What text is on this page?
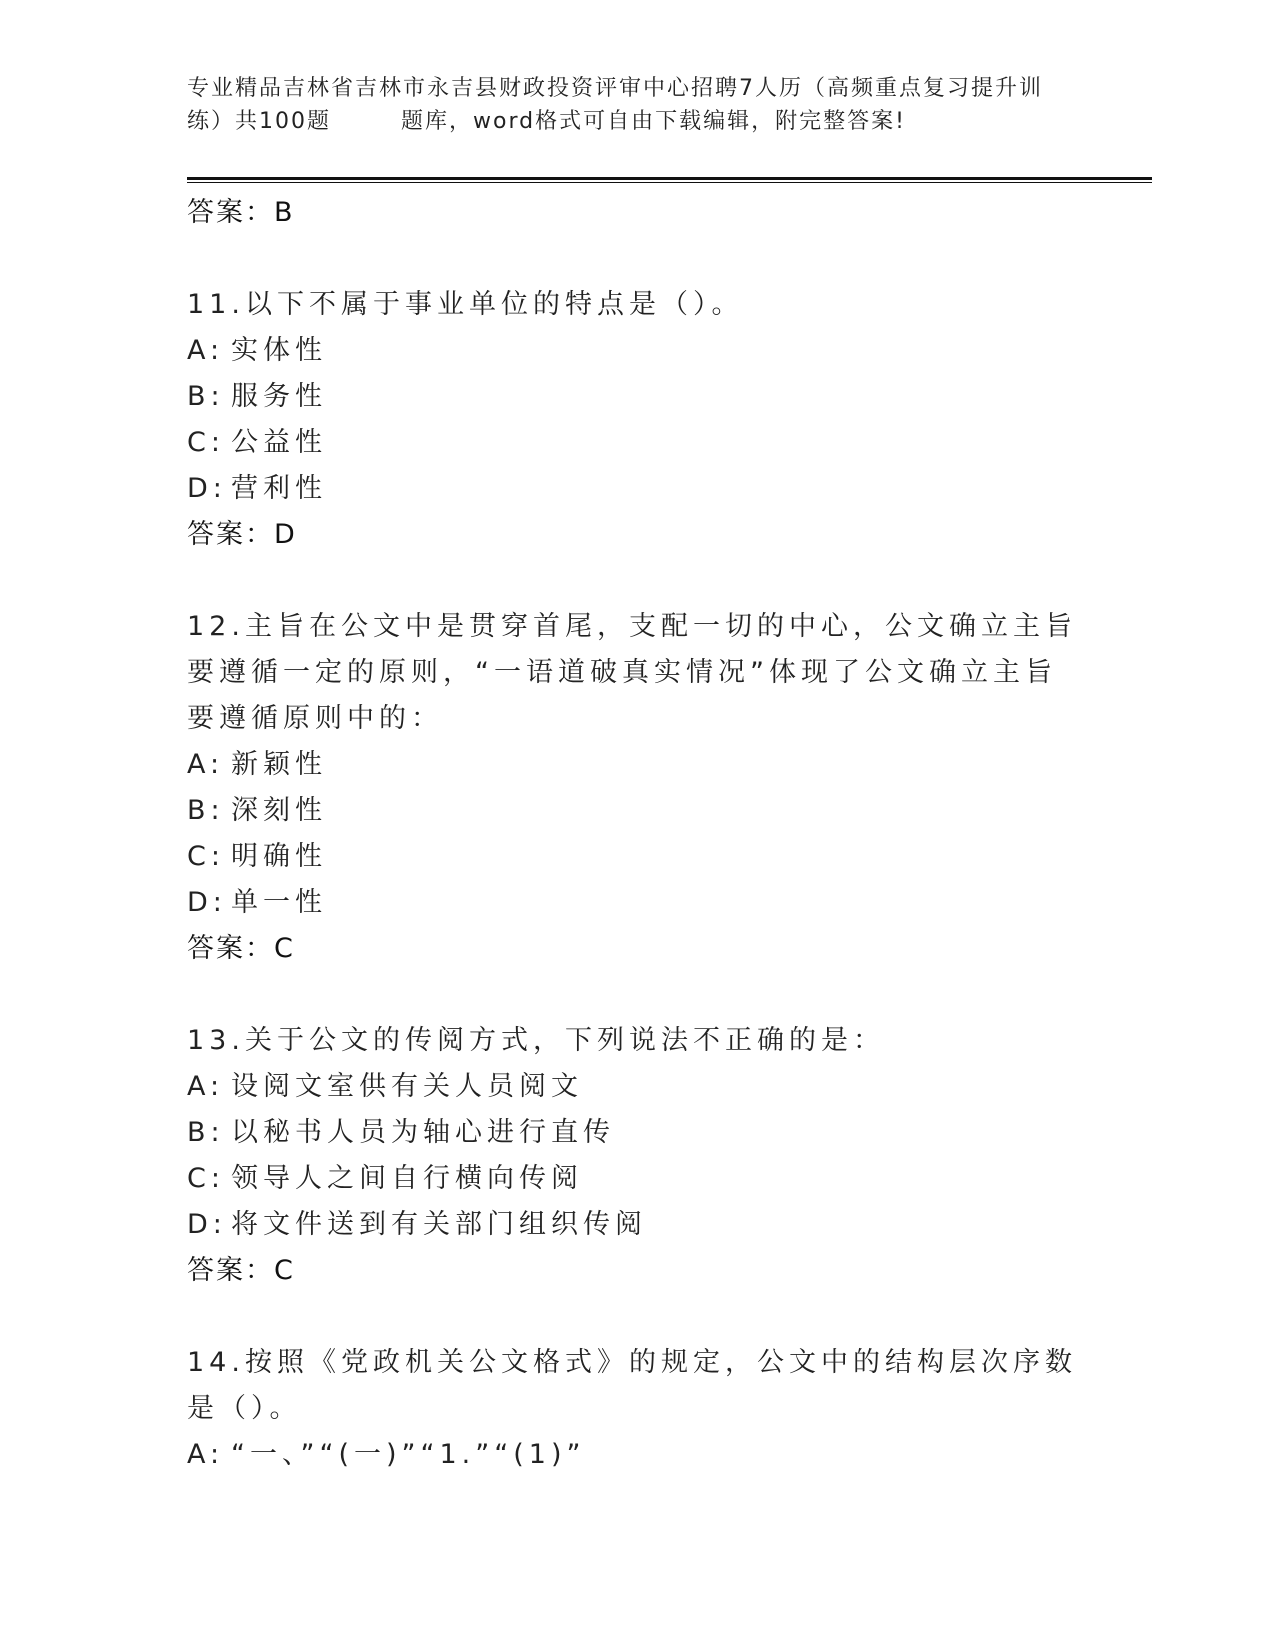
专业精品吉林省吉林市永吉县财政投资评审中心招聘7人历（高频重点复习提升训
练）共100题	题库，word格式可自由下载编辑，附完整答案!
答案：B
11.以下不属于事业单位的特点是（）。
A: 实体性
B: 服务性
C: 公益性
D: 营利性
答案：D
12.主旨在公文中是贯穿首尾，支配一切的中心，公文确立主旨要遵循一定的原则，“一语道破真实情况”体现了公文确立主旨要遵循原则中的：
A: 新颖性
B: 深刻性
C: 明确性
D: 单一性
答案：C
13.关于公文的传阅方式，下列说法不正确的是：
A: 设阅文室供有关人员阅文
B: 以秘书人员为轴心进行直传
C: 领导人之间自行横向传阅
D: 将文件送到有关部门组织传阅
答案：C
14.按照《党政机关公文格式》的规定，公文中的结构层次序数是（）。
A: “一、”“(一)”“1.”“(1)”
